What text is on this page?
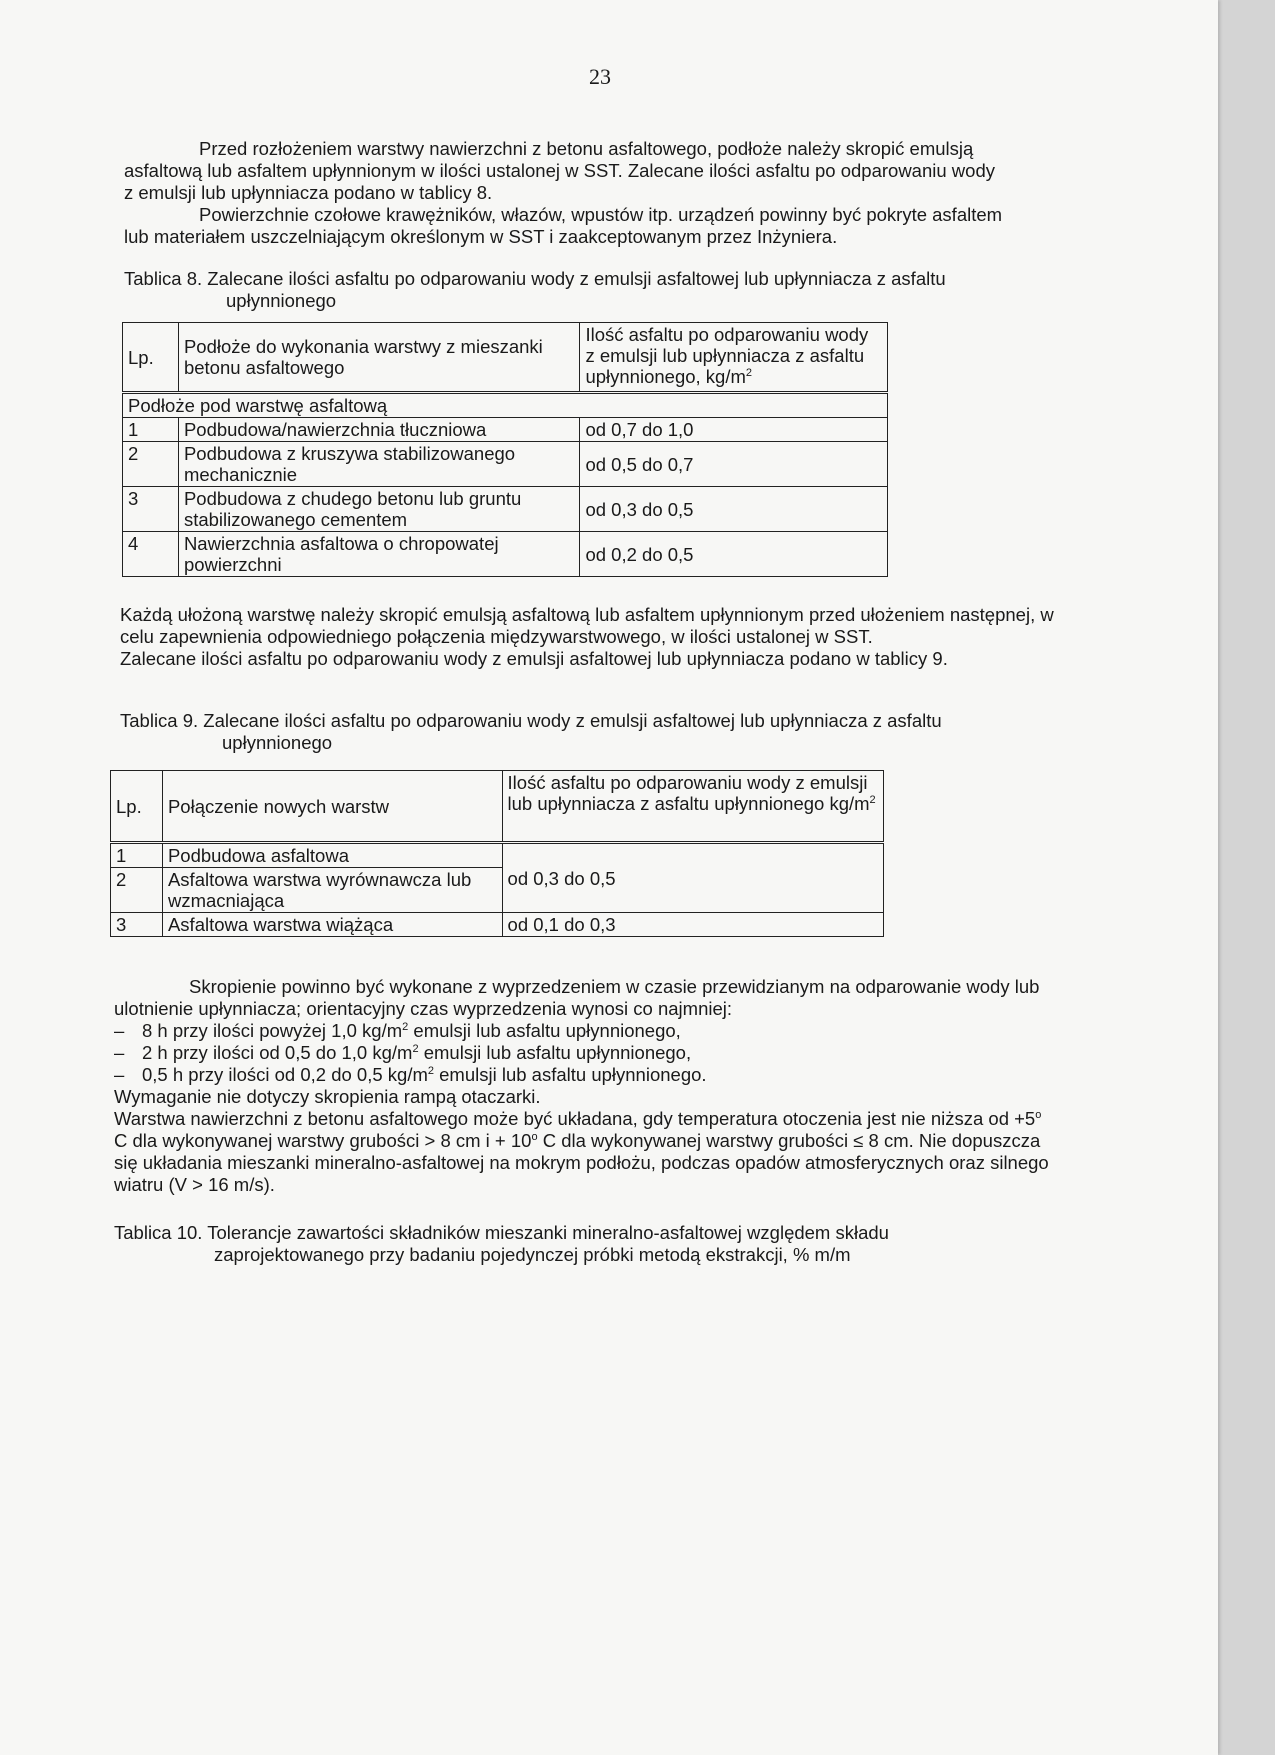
23

Przed rozłożeniem warstwy nawierzchni z betonu asfaltowego, podłoże należy skropić emulsją asfaltową lub asfaltem upłynnionym w ilości ustalonej w SST. Zalecane ilości asfaltu po odparowaniu wody z emulsji lub upłynniacza podano w tablicy 8.

Powierzchnie czołowe krawężników, włazów, wpustów itp. urządzeń powinny być pokryte asfaltem lub materiałem uszczelniającym określonym w SST i zaakceptowanym przez Inżyniera.

Tablica 8. Zalecane ilości asfaltu po odparowaniu wody z emulsji asfaltowej lub upłynniacza z asfaltu
upłynnionego
Lp.	Podłoże do wykonania warstwy z mieszanki betonu asfaltowego	Ilość asfaltu po odparowaniu wody z emulsji lub upłynniacza z asfaltu upłynnionego, $kg/m^2$
Podłoże pod warstwę asfaltową		
1	Podbudowa/nawierzchnia tłuczniowa	od 0,7 do 1,0
2	Podbudowa z kruszywa stabilizowanego mechanicznie	od 0,5 do 0,7
3	Podbudowa z chudego betonu lub gruntu stabilizowanego cementem	od 0,3 do 0,5
4	Nawierzchnia asfaltowa o chropowatej powierzchni	od 0,2 do 0,5

Każdą ułożoną warstwę należy skropić emulsją asfaltową lub asfaltem upłynnionym przed ułożeniem następnej, w celu zapewnienia odpowiedniego połączenia międzywarstwowego, w ilości ustalonej w SST.

Zalecane ilości asfaltu po odparowaniu wody z emulsji asfaltowej lub upłynniacza podano w tablicy 9.

Tablica 9. Zalecane ilości asfaltu po odparowaniu wody z emulsji asfaltowej lub upłynniacza z asfaltu
upłynnionego
Lp.	Połączenie nowych warstw	Ilość asfaltu po odparowaniu wody z emulsji lub upłynniacza z asfaltu upłynnionego $kg/m^2$
1	Podbudowa asfaltowa	od 0,3 do 0,5
2	Asfaltowa warstwa wyrównawcza lub wzmacniająca	
3	Asfaltowa warstwa wiążąca	od 0,1 do 0,3

Skropienie powinno być wykonane z wyprzedzeniem w czasie przewidzianym na odparowanie wody lub ulotnienie upłynniacza; orientacyjny czas wyprzedzenia wynosi co najmniej:

– 8 h przy ilości powyżej 1,0 $kg/m^2$ emulsji lub asfaltu upłynnionego,
– 2 h przy ilości od 0,5 do 1,0 $kg/m^2$ emulsji lub asfaltu upłynnionego,
– 0,5 h przy ilości od 0,2 do 0,5 $kg/m^2$ emulsji lub asfaltu upłynnionego.

Wymaganie nie dotyczy skropienia rampą otaczarki.

Warstwa nawierzchni z betonu asfaltowego może być układana, gdy temperatura otoczenia jest nie niższa od $+5^o$ C dla wykonywanej warstwy grubości > 8 cm $i + 10^o$ C dla wykonywanej warstwy grubości ≤ 8 cm. Nie dopuszcza się układania mieszanki mineralno-asfaltowej na mokrym podłożu, podczas opadów atmosferycznych oraz silnego wiatru (V > 16 m/s).

Tablica 10. Tolerancje zawartości składników mieszanki mineralno-asfaltowej względem składu
zaprojektowanego przy badaniu pojedynczej próbki metodą ekstrakcji, % m/m
